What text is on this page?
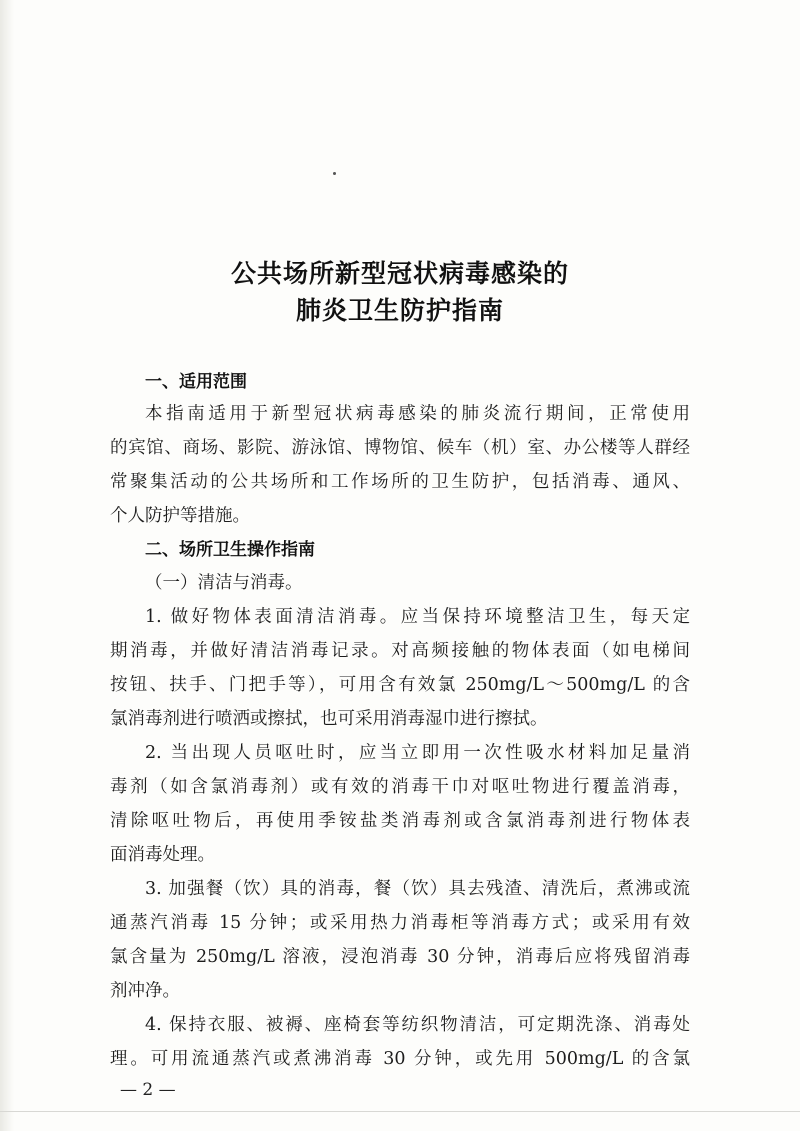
公共场所新型冠状病毒感染的
肺炎卫生防护指南
一、适用范围
本指南适用于新型冠状病毒感染的肺炎流行期间，正常使用
的宾馆、商场、影院、游泳馆、博物馆、候车（机）室、办公楼等人群经
常聚集活动的公共场所和工作场所的卫生防护，包括消毒、通风、
个人防护等措施。
二、场所卫生操作指南
（一）清洁与消毒。
1. 做好物体表面清洁消毒。应当保持环境整洁卫生，每天定
期消毒，并做好清洁消毒记录。对高频接触的物体表面（如电梯间
按钮、扶手、门把手等），可用含有效氯 250mg/L～500mg/L 的含
氯消毒剂进行喷洒或擦拭，也可采用消毒湿巾进行擦拭。
2. 当出现人员呕吐时，应当立即用一次性吸水材料加足量消
毒剂（如含氯消毒剂）或有效的消毒干巾对呕吐物进行覆盖消毒，
清除呕吐物后，再使用季铵盐类消毒剂或含氯消毒剂进行物体表
面消毒处理。
3. 加强餐（饮）具的消毒，餐（饮）具去残渣、清洗后，煮沸或流
通蒸汽消毒 15 分钟；或采用热力消毒柜等消毒方式；或采用有效
氯含量为 250mg/L 溶液，浸泡消毒 30 分钟，消毒后应将残留消毒
剂冲净。
4. 保持衣服、被褥、座椅套等纺织物清洁，可定期洗涤、消毒处
理。可用流通蒸汽或煮沸消毒 30 分钟，或先用 500mg/L 的含氯
— 2 —
